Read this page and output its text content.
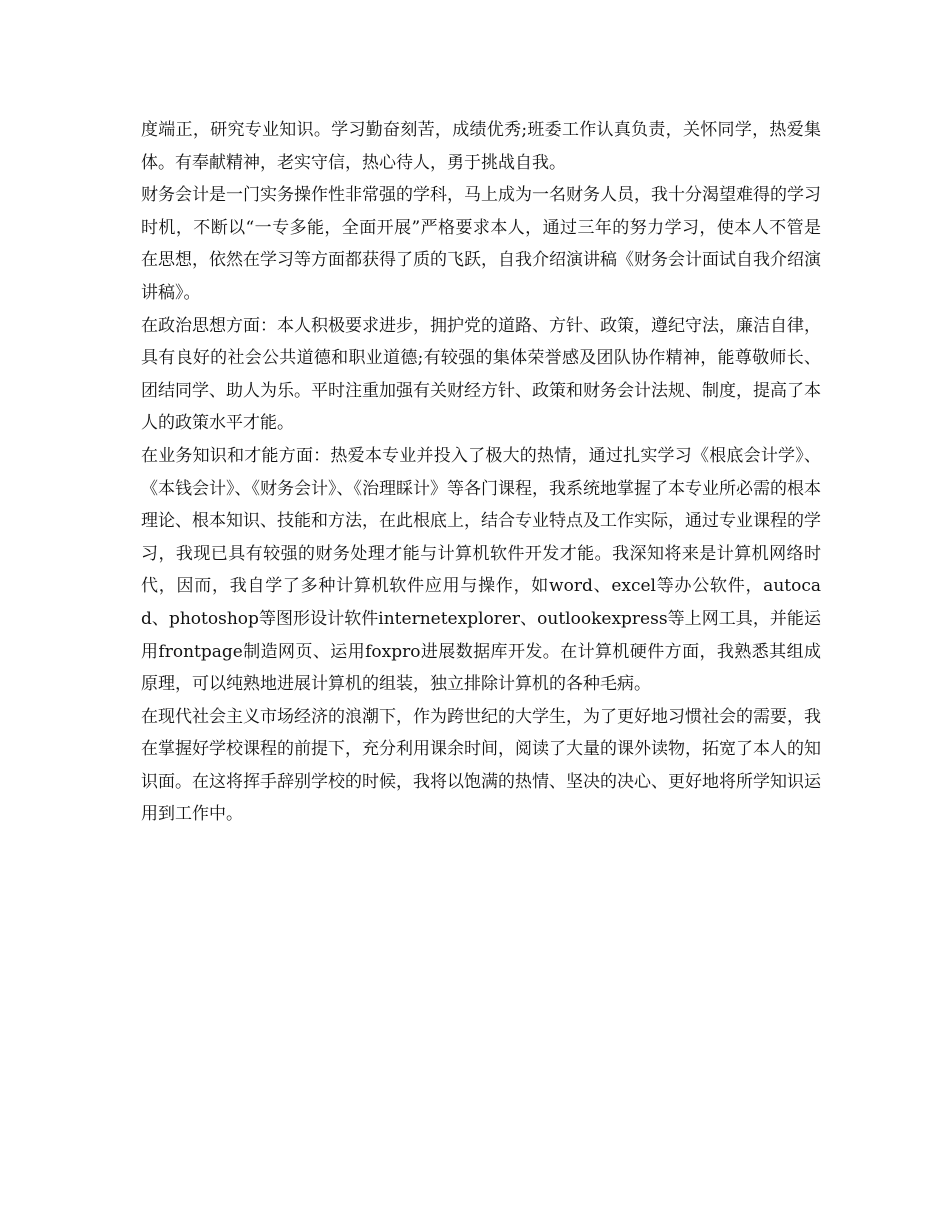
度端正，研究专业知识。学习勤奋刻苦，成绩优秀;班委工作认真负责，关怀同学，热爱集体。有奉献精神，老实守信，热心待人，勇于挑战自我。

财务会计是一门实务操作性非常强的学科，马上成为一名财务人员，我十分渴望难得的学习时机，不断以“一专多能，全面开展”严格要求本人，通过三年的努力学习，使本人不管是在思想，依然在学习等方面都获得了质的飞跃，自我介绍演讲稿《财务会计面试自我介绍演讲稿》。

在政治思想方面：本人积极要求进步，拥护党的道路、方针、政策，遵纪守法，廉洁自律，具有良好的社会公共道德和职业道德;有较强的集体荣誉感及团队协作精神，能尊敬师长、团结同学、助人为乐。平时注重加强有关财经方针、政策和财务会计法规、制度，提高了本人的政策水平才能。

在业务知识和才能方面：热爱本专业并投入了极大的热情，通过扎实学习《根底会计学》、《本钱会计》、《财务会计》、《治理睬计》等各门课程，我系统地掌握了本专业所必需的根本理论、根本知识、技能和方法，在此根底上，结合专业特点及工作实际，通过专业课程的学习，我现已具有较强的财务处理才能与计算机软件开发才能。我深知将来是计算机网络时代，因而，我自学了多种计算机软件应用与操作，如word、excel等办公软件，autocad、photoshop等图形设计软件internetexplorer、outlookexpress等上网工具，并能运用frontpage制造网页、运用foxpro进展数据库开发。在计算机硬件方面，我熟悉其组成原理，可以纯熟地进展计算机的组装，独立排除计算机的各种毛病。

在现代社会主义市场经济的浪潮下，作为跨世纪的大学生，为了更好地习惯社会的需要，我在掌握好学校课程的前提下，充分利用课余时间，阅读了大量的课外读物，拓宽了本人的知识面。在这将挥手辞别学校的时候，我将以饱满的热情、坚决的决心、更好地将所学知识运用到工作中。
